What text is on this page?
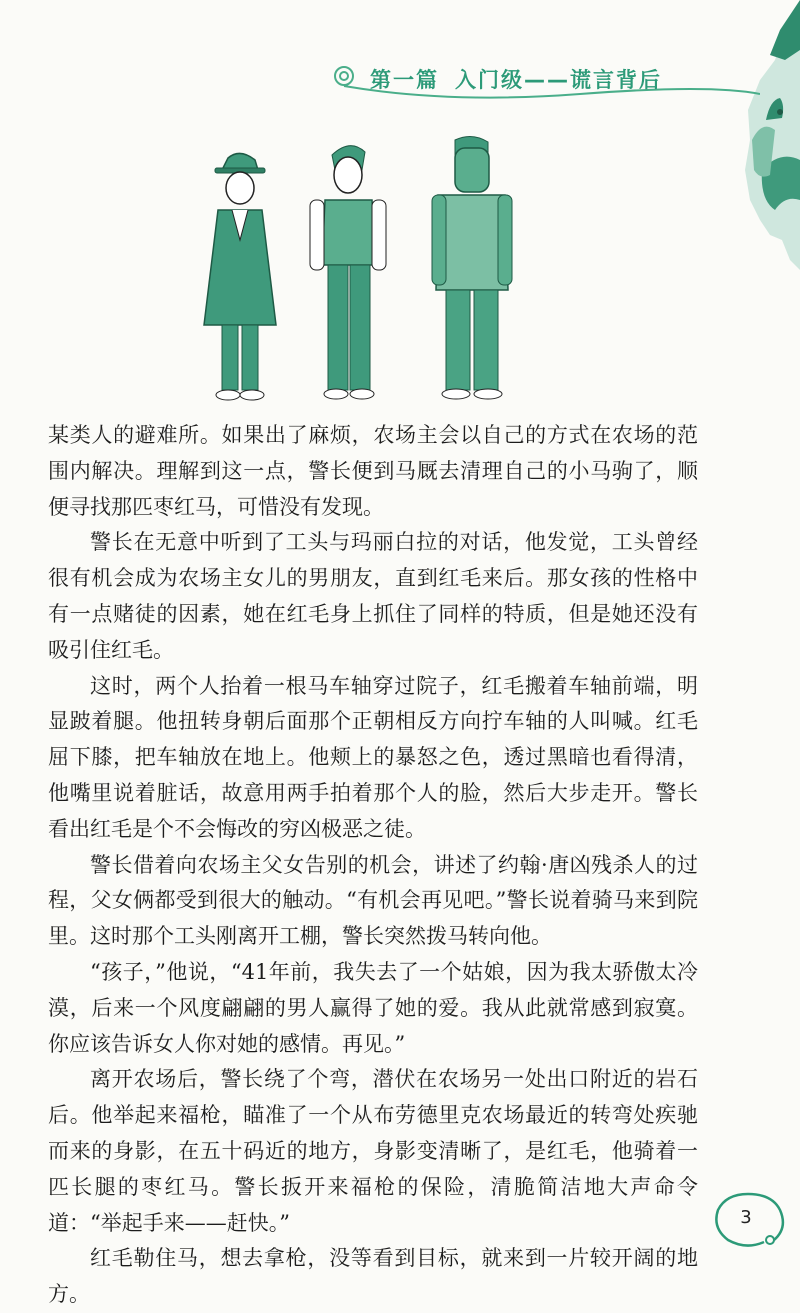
第一篇 入门级——谎言背后

某类人的避难所。如果出了麻烦，农场主会以自己的方式在农场的范围内解决。理解到这一点，警长便到马厩去清理自己的小马驹了，顺便寻找那匹枣红马，可惜没有发现。

警长在无意中听到了工头与玛丽白拉的对话，他发觉，工头曾经很有机会成为农场主女儿的男朋友，直到红毛来后。那女孩的性格中有一点赌徒的因素，她在红毛身上抓住了同样的特质，但是她还没有吸引住红毛。

这时，两个人抬着一根马车轴穿过院子，红毛搬着车轴前端，明显跛着腿。他扭转身朝后面那个正朝相反方向拧车轴的人叫喊。红毛屈下膝，把车轴放在地上。他颊上的暴怒之色，透过黑暗也看得清，他嘴里说着脏话，故意用两手拍着那个人的脸，然后大步走开。警长看出红毛是个不会悔改的穷凶极恶之徒。

警长借着向农场主父女告别的机会，讲述了约翰·唐凶残杀人的过程，父女俩都受到很大的触动。“有机会再见吧。”警长说着骑马来到院里。这时那个工头刚离开工棚，警长突然拨马转向他。

“孩子，”他说，“41年前，我失去了一个姑娘，因为我太骄傲太冷漠，后来一个风度翩翩的男人赢得了她的爱。我从此就常感到寂寞。你应该告诉女人你对她的感情。再见。”

离开农场后，警长绕了个弯，潜伏在农场另一处出口附近的岩石后。他举起来福枪，瞄准了一个从布劳德里克农场最近的转弯处疾驰而来的身影，在五十码近的地方，身影变清晰了，是红毛，他骑着一匹长腿的枣红马。警长扳开来福枪的保险，清脆简洁地大声命令道：“举起手来——赶快。”

红毛勒住马，想去拿枪，没等看到目标，就来到一片较开阔的地方。

3
